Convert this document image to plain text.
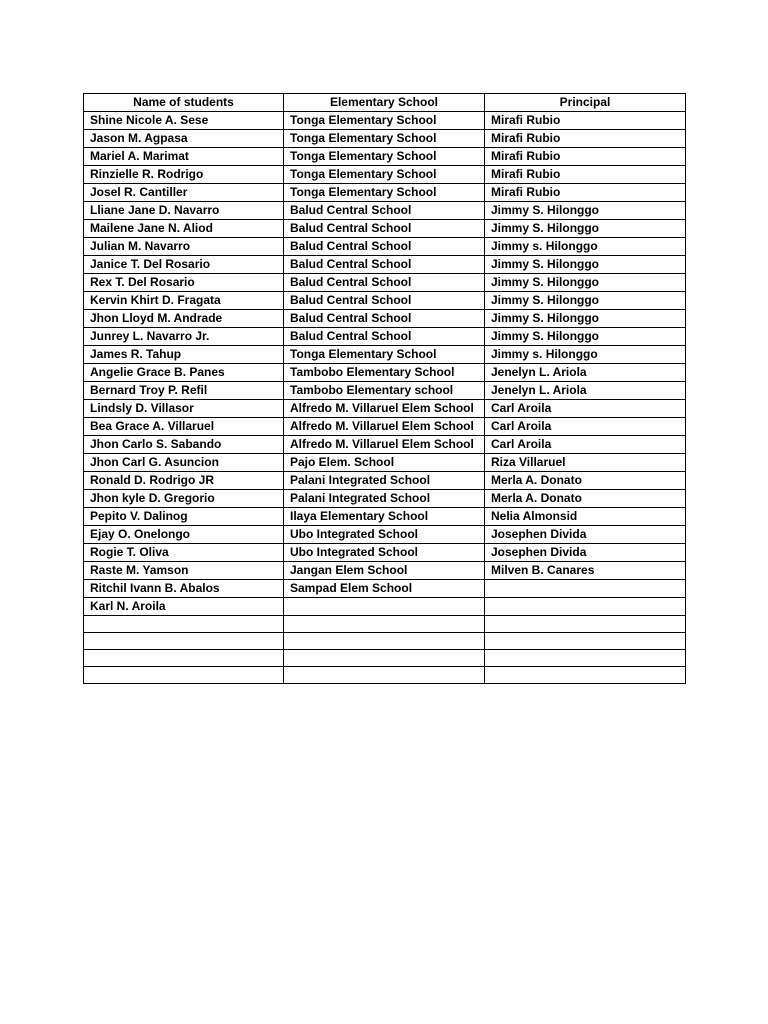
Name of students	Elementary School	Principal
Shine Nicole A. Sese	Tonga Elementary School	Mirafi Rubio
Jason M. Agpasa	Tonga Elementary School	Mirafi Rubio
Mariel A. Marimat	Tonga Elementary School	Mirafi Rubio
Rinzielle R. Rodrigo	Tonga Elementary School	Mirafi Rubio
Josel R. Cantiller	Tonga Elementary School	Mirafi Rubio
Lliane Jane D. Navarro	Balud Central School	Jimmy S. Hilonggo
Mailene Jane N. Aliod	Balud Central School	Jimmy S. Hilonggo
Julian M. Navarro	Balud Central School	Jimmy s. Hilonggo
Janice T. Del Rosario	Balud Central School	Jimmy S. Hilonggo
Rex T. Del Rosario	Balud Central School	Jimmy S. Hilonggo
Kervin Khirt D. Fragata	Balud Central School	Jimmy S. Hilonggo
Jhon Lloyd M. Andrade	Balud Central School	Jimmy S. Hilonggo
Junrey L. Navarro Jr.	Balud Central School	Jimmy S. Hilonggo
James R. Tahup	Tonga Elementary School	Jimmy s. Hilonggo
Angelie Grace B. Panes	Tambobo Elementary School	Jenelyn L. Ariola
Bernard Troy P. Refil	Tambobo Elementary school	Jenelyn L. Ariola
Lindsly D. Villasor	Alfredo M. Villaruel Elem School	Carl Aroila
Bea Grace A. Villaruel	Alfredo M. Villaruel Elem School	Carl Aroila
Jhon Carlo S. Sabando	Alfredo M. Villaruel Elem School	Carl Aroila
Jhon Carl G. Asuncion	Pajo Elem. School	Riza Villaruel
Ronald D. Rodrigo JR	Palani Integrated School	Merla A. Donato
Jhon kyle D. Gregorio	Palani Integrated School	Merla A. Donato
Pepito V. Dalinog	Ilaya Elementary School	Nelia Almonsid
Ejay O. Onelongo	Ubo Integrated School	Josephen Divida
Rogie T. Oliva	Ubo Integrated School	Josephen Divida
Raste M. Yamson	Jangan Elem School	Milven B. Canares
Ritchil Ivann B. Abalos	Sampad Elem School	
Karl N. Aroila		
